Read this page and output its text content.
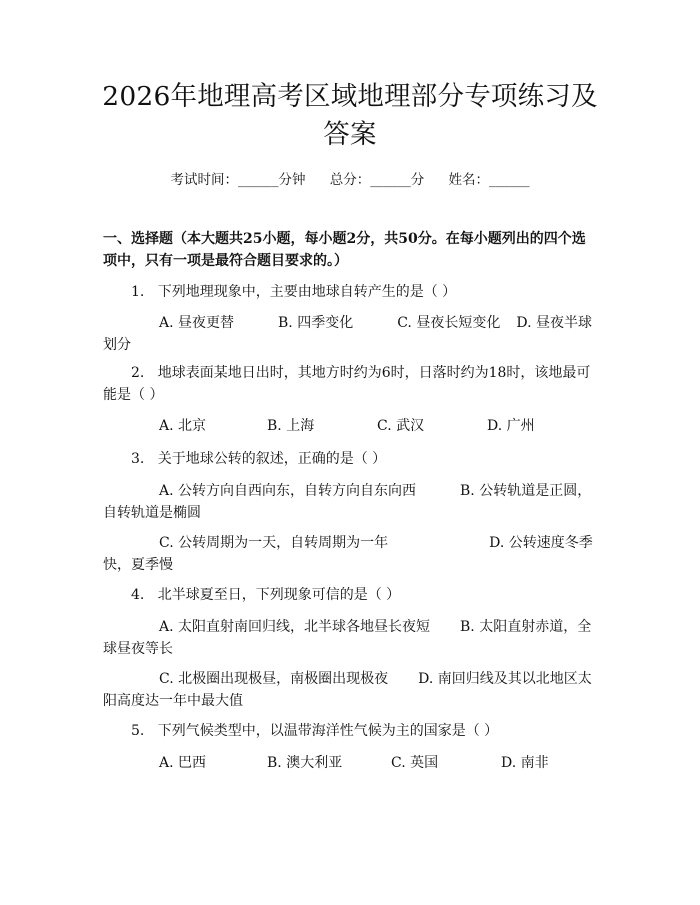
2026年地理高考区域地理部分专项练习及答案
考试时间：______分钟 总分：______分 姓名：______
一、选择题（本大题共25小题，每小题2分，共50分。在每小题列出的四个选项中，只有一项是最符合题目要求的。）
1.   下列地理现象中，主要由地球自转产生的是（ ）
A. 昼夜更替	B. 四季变化	C. 昼夜长短变化 D. 昼夜半球划分
2.   地球表面某地日出时，其地方时约为6时，日落时约为18时，该地最可能是（ ）
A. 北京	B. 上海	C. 武汉	D. 广州
3.   关于地球公转的叙述，正确的是（ ）
A. 公转方向自西向东，自转方向自东向西	B. 公转轨道是正圆，自转轨道是椭圆
C. 公转周期为一天，自转周期为一年	D. 公转速度冬季快，夏季慢
4.   北半球夏至日，下列现象可信的是（ ）
A. 太阳直射南回归线，北半球各地昼长夜短 B. 太阳直射赤道，全球昼夜等长
C. 北极圈出现极昼，南极圈出现极夜 D. 南回归线及其以北地区太阳高度达一年中最大值
5.   下列气候类型中，以温带海洋性气候为主的国家是（ ）
A. 巴西	B. 澳大利亚	C. 英国	D. 南非
